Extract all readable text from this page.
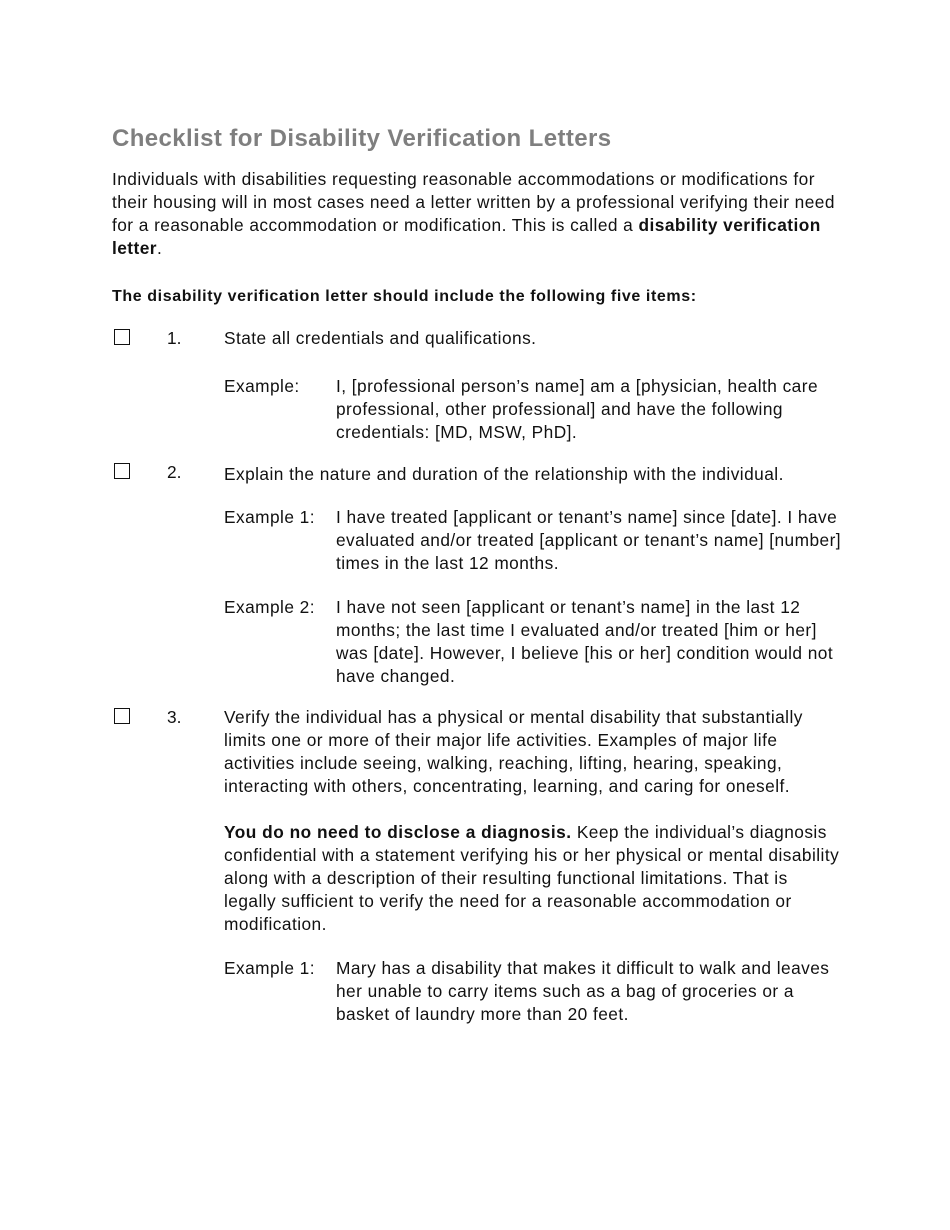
Checklist for Disability Verification Letters

Individuals with disabilities requesting reasonable accommodations or modifications for their housing will in most cases need a letter written by a professional verifying their need for a reasonable accommodation or modification. This is called a disability verification letter.

The disability verification letter should include the following five items:
1. State all credentials and qualifications.

Example:	I, [professional person’s name] am a [physician, health care professional, other professional] and have the following credentials: [MD, MSW, PhD].

2. Explain the nature and duration of the relationship with the individual.

Example 1:	I have treated [applicant or tenant’s name] since [date]. I have evaluated and/or treated [applicant or tenant’s name] [number] times in the last 12 months.

Example 2:	I have not seen [applicant or tenant’s name] in the last 12 months; the last time I evaluated and/or treated [him or her] was [date]. However, I believe [his or her] condition would not have changed.

3. Verify the individual has a physical or mental disability that substantially limits one or more of their major life activities. Examples of major life activities include seeing, walking, reaching, lifting, hearing, speaking, interacting with others, concentrating, learning, and caring for oneself.

You do no need to disclose a diagnosis. Keep the individual’s diagnosis confidential with a statement verifying his or her physical or mental disability along with a description of their resulting functional limitations. That is legally sufficient to verify the need for a reasonable accommodation or modification.

Example 1:	Mary has a disability that makes it difficult to walk and leaves her unable to carry items such as a bag of groceries or a basket of laundry more than 20 feet.
